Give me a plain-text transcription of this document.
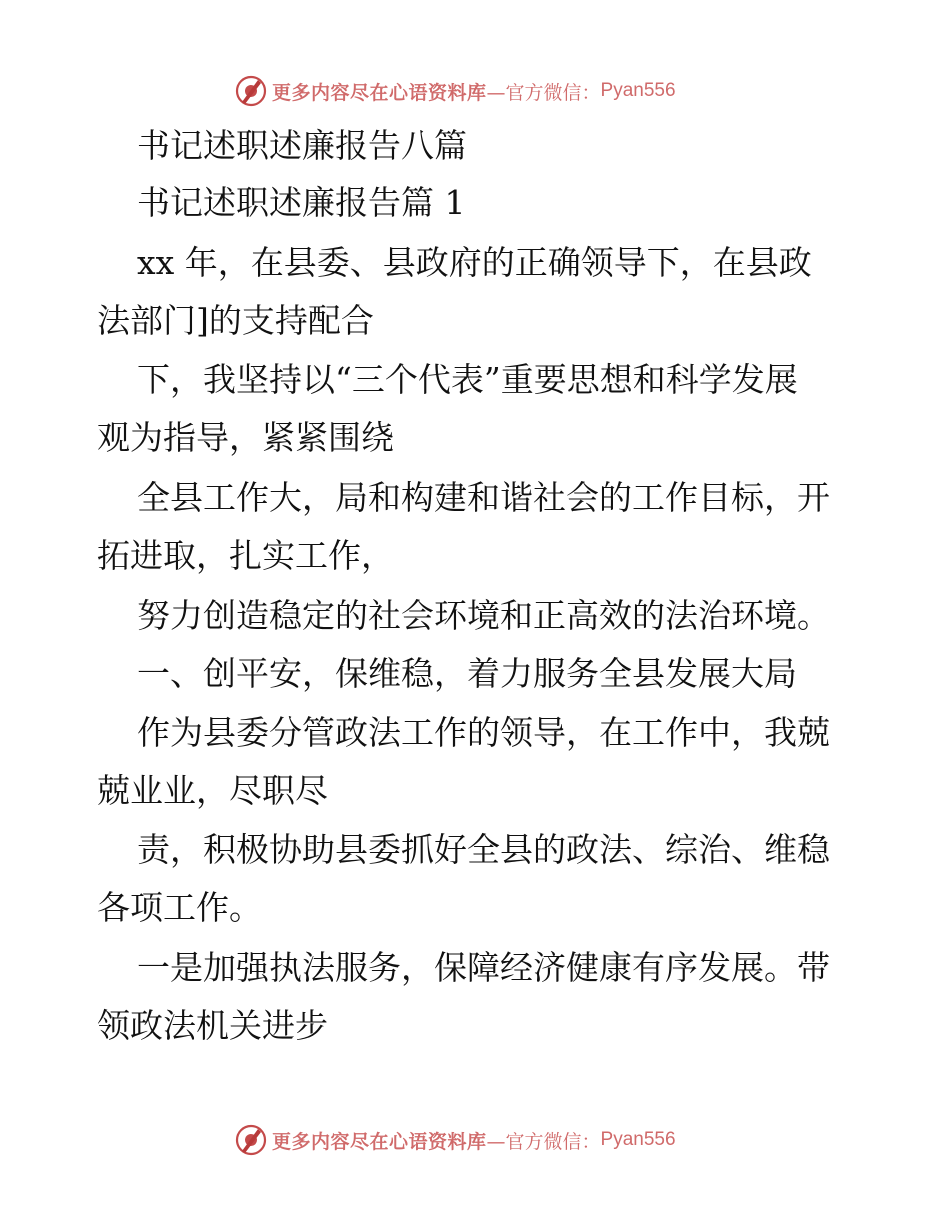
更多内容尽在心语资料库 —官方微信： Pyan556
书记述职述廉报告八篇
书记述职述廉报告篇 1
xx 年，在县委、县政府的正确领导下，在县政
法部门]的支持配合
下，我坚持以“三个代表”重要思想和科学发展
观为指导，紧紧围绕
全县工作大，局和构建和谐社会的工作目标，开
拓进取，扎实工作，
努力创造稳定的社会环境和正高效的法治环境。
一、创平安，保维稳，着力服务全县发展大局
作为县委分管政法工作的领导，在工作中，我兢
兢业业，尽职尽
责，积极协助县委抓好全县的政法、综治、维稳
各项工作。
一是加强执法服务，保障经济健康有序发展。带
领政法机关进步
更多内容尽在心语资料库 —官方微信： Pyan556
